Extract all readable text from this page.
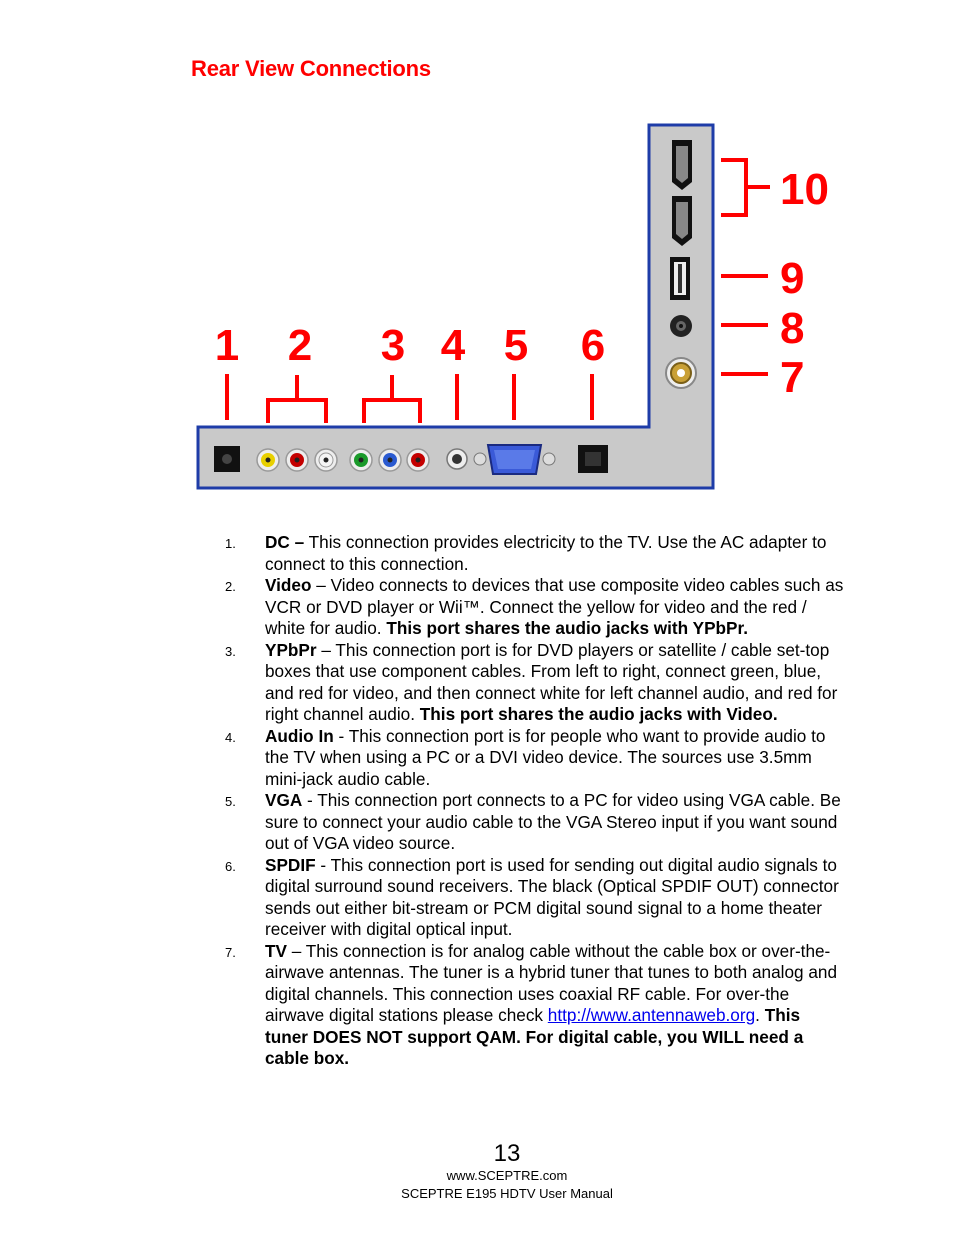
Rear View Connections
1 2 3 4 5 6
7
8
9
10
1. DC – This connection provides electricity to the TV. Use the AC adapter to connect to this connection.
2. Video – Video connects to devices that use composite video cables such as VCR or DVD player or Wii™. Connect the yellow for video and the red / white for audio. This port shares the audio jacks with YPbPr.
3. YPbPr – This connection port is for DVD players or satellite / cable set-top boxes that use component cables. From left to right, connect green, blue, and red for video, and then connect white for left channel audio, and red for right channel audio. This port shares the audio jacks with Video.
4. Audio In - This connection port is for people who want to provide audio to the TV when using a PC or a DVI video device. The sources use 3.5mm mini-jack audio cable.
5. VGA - This connection port connects to a PC for video using VGA cable. Be sure to connect your audio cable to the VGA Stereo input if you want sound out of VGA video source.
6. SPDIF - This connection port is used for sending out digital audio signals to digital surround sound receivers. The black (Optical SPDIF OUT) connector sends out either bit-stream or PCM digital sound signal to a home theater receiver with digital optical input.
7. TV – This connection is for analog cable without the cable box or over-the-airwave antennas. The tuner is a hybrid tuner that tunes to both analog and digital channels. This connection uses coaxial RF cable. For over-the airwave digital stations please check http://www.antennaweb.org. This tuner DOES NOT support QAM. For digital cable, you WILL need a cable box.
13
www.SCEPTRE.com
SCEPTRE E195 HDTV User Manual
